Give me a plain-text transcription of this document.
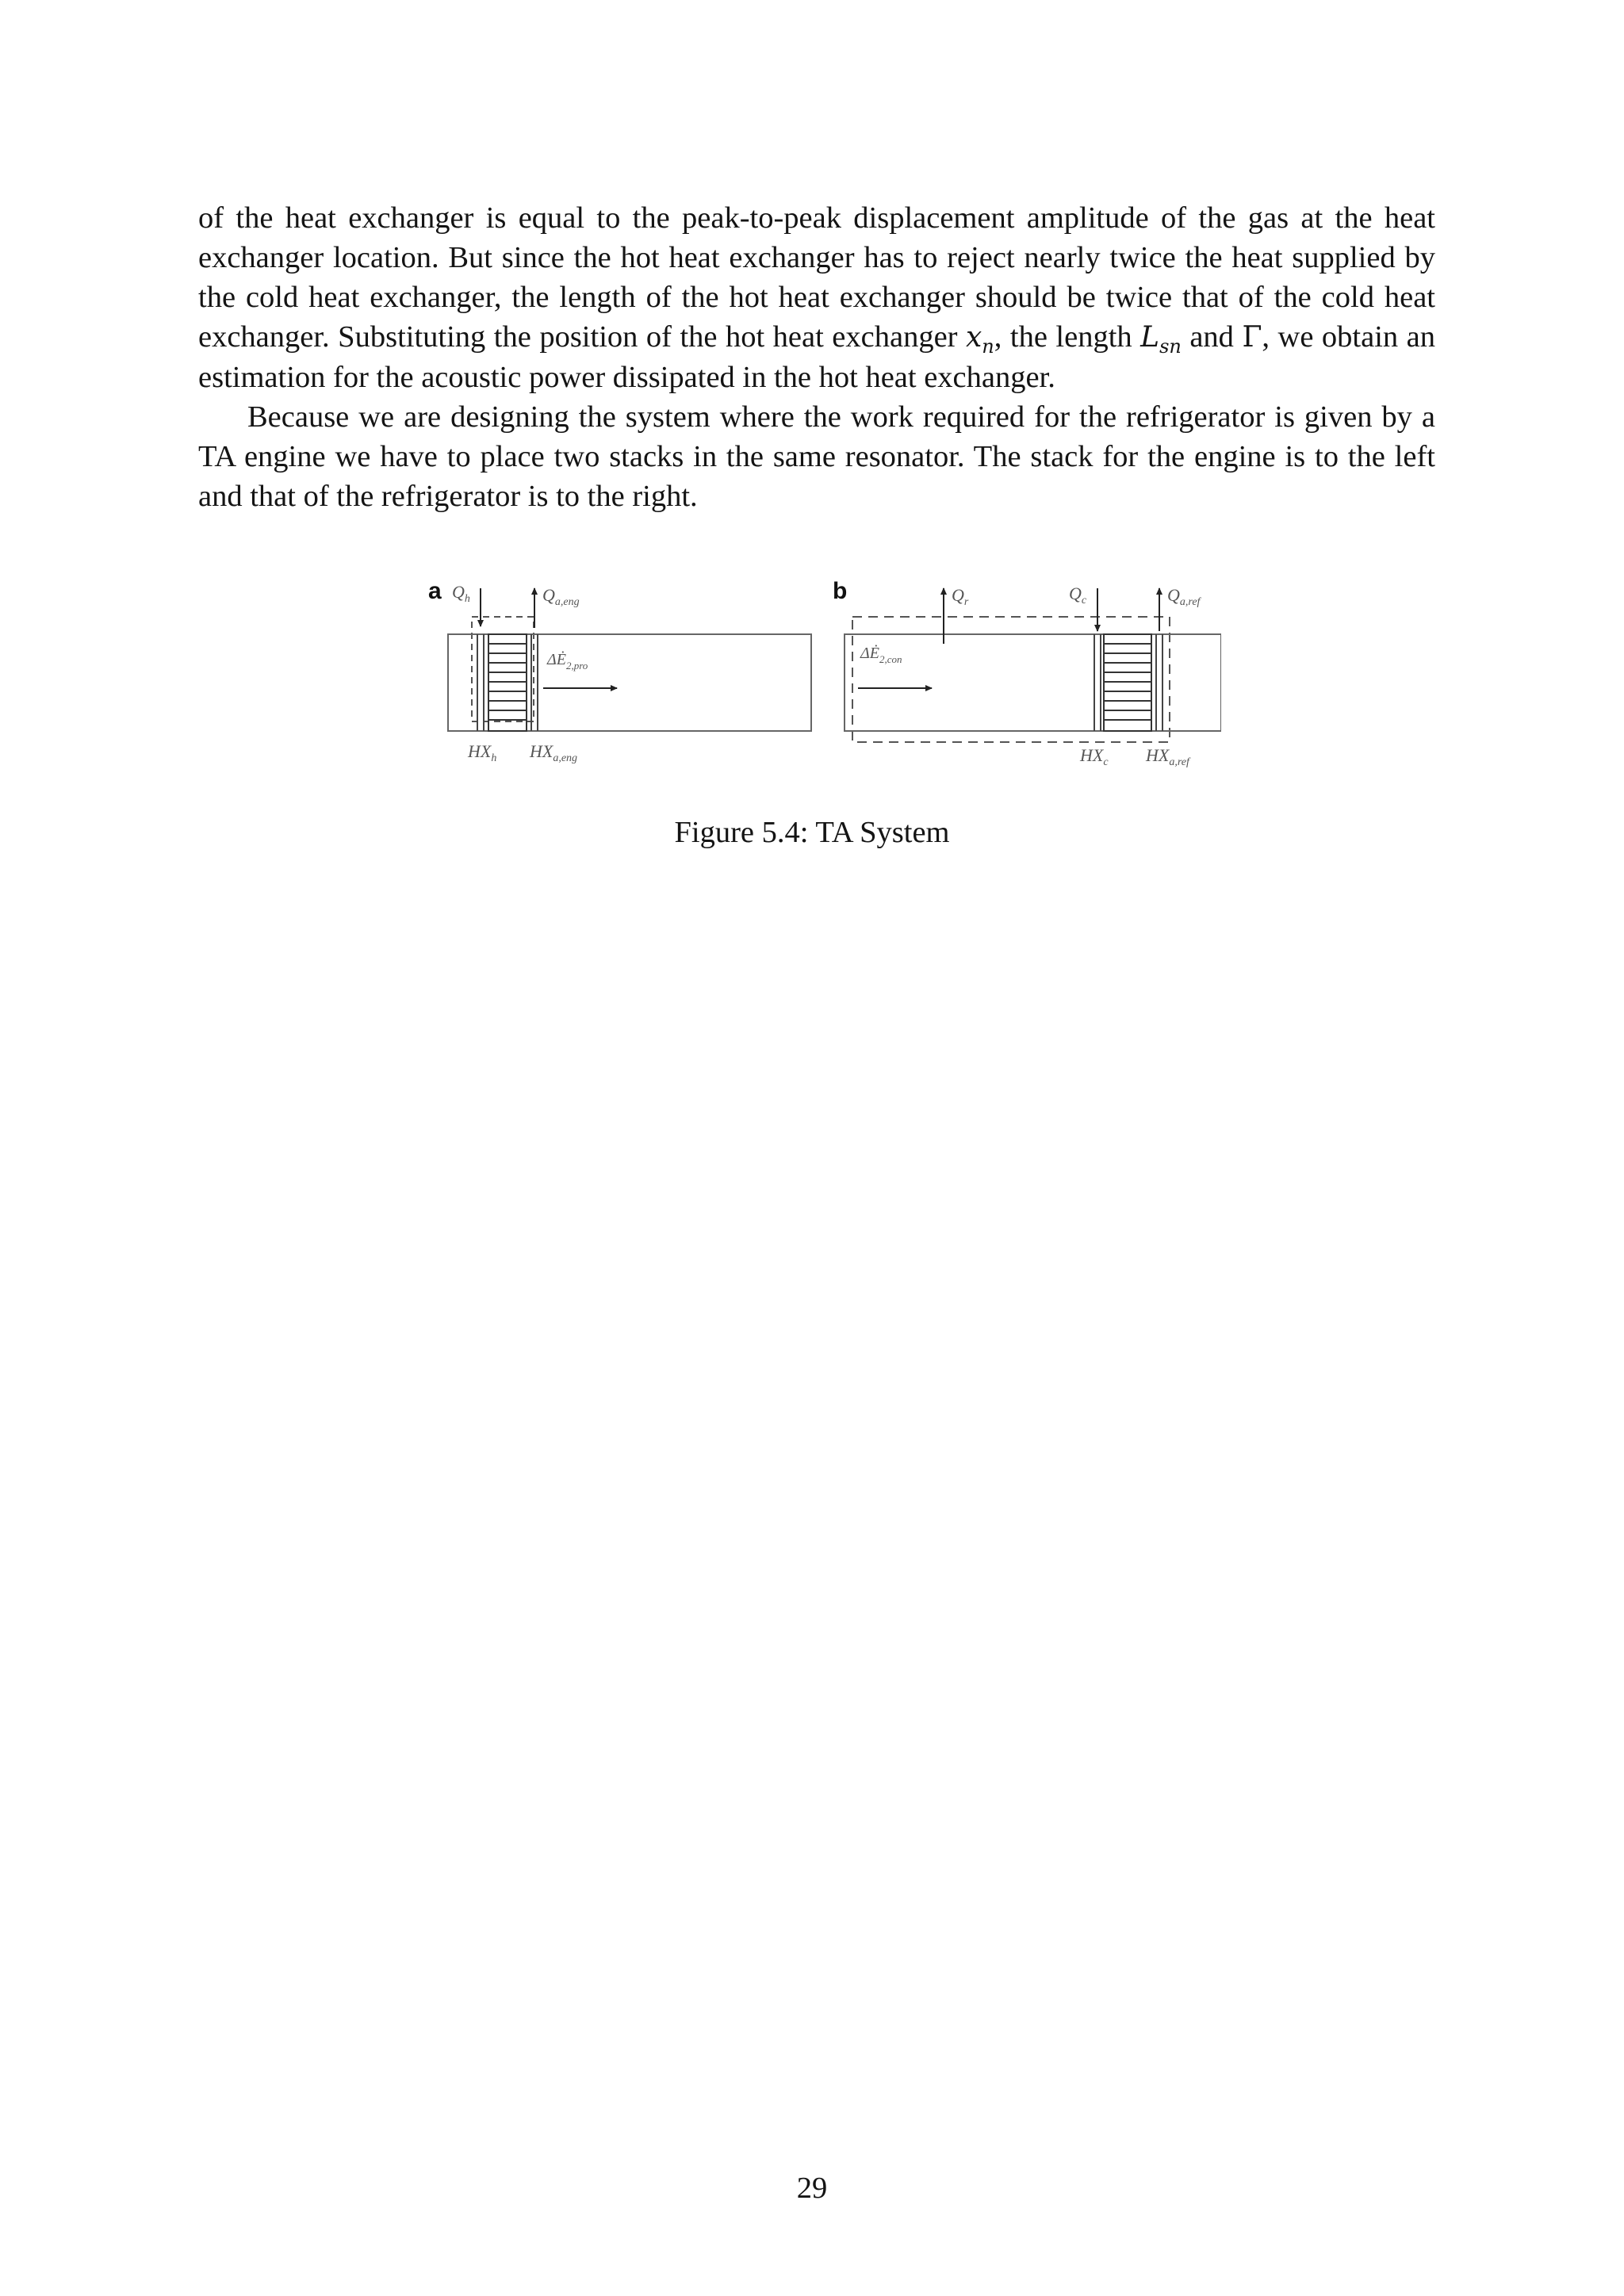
of the heat exchanger is equal to the peak-to-peak displacement amplitude of the gas at the heat exchanger location. But since the hot heat exchanger has to reject nearly twice the heat supplied by the cold heat exchanger, the length of the hot heat exchanger should be twice that of the cold heat exchanger. Substituting the position of the hot heat exchanger $x_n$, the length $L_{sn}$ and Γ, we obtain an estimation for the acoustic power dissipated in the hot heat exchanger.

Because we are designing the system where the work required for the refrigerator is given by a TA engine we have to place two stacks in the same resonator. The stack for the engine is to the left and that of the refrigerator is to the right.

a $Q_h$	$Q_{a,eng}$
$\Delta Ė_{2,pro}$
$HX_h$ $HX_{a,eng}$
b	$Q_r$	$Q_c$	$Q_{a,ref}$
$\Delta Ė_{2,con}$
$HX_c$ $HX_{a,ref}$
Figure 5.4: TA System
29
